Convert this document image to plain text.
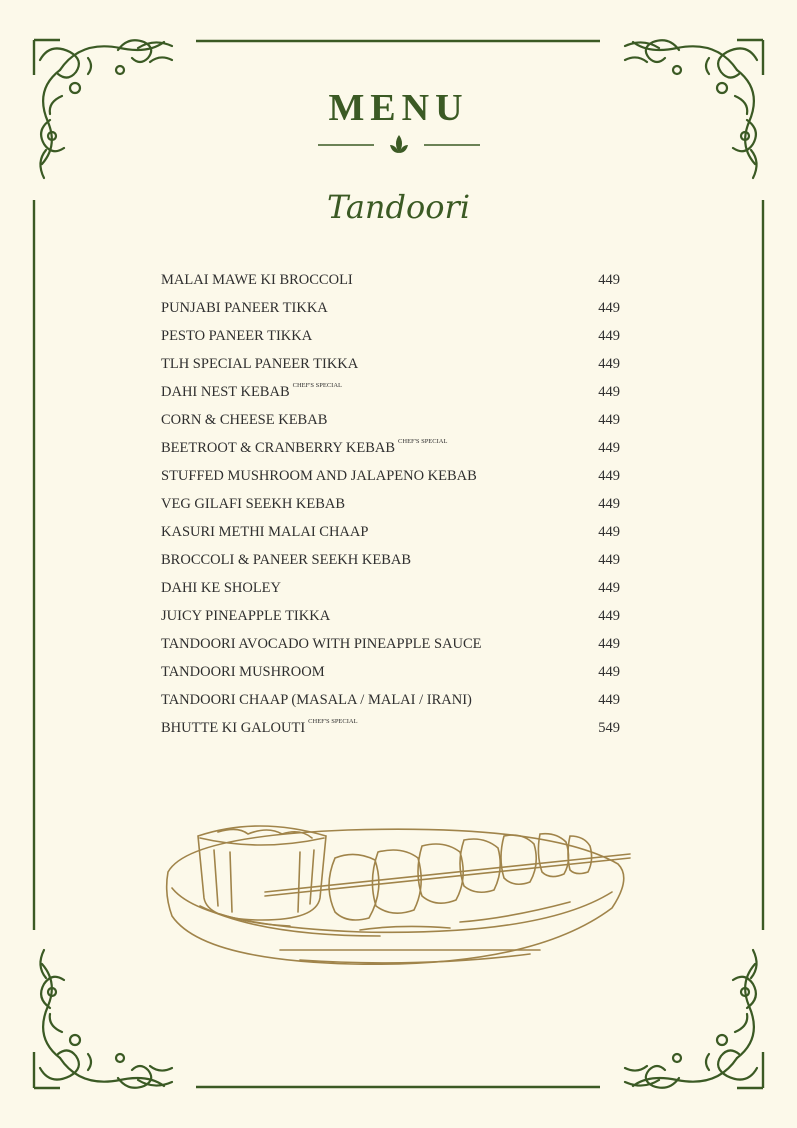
MENU
Tandoori
MALAI MAWE KI BROCCOLI	449
PUNJABI PANEER TIKKA	449
PESTO PANEER TIKKA	449
TLH SPECIAL PANEER TIKKA	449
DAHI NEST KEBAB $^{CHEF'S SPECIAL}$	449
CORN & CHEESE KEBAB	449
BEETROOT & CRANBERRY KEBAB $^{CHEF'S SPECIAL}$	449
STUFFED MUSHROOM AND JALAPENO KEBAB	449
VEG GILAFI SEEKH KEBAB	449
KASURI METHI MALAI CHAAP	449
BROCCOLI & PANEER SEEKH KEBAB	449
DAHI KE SHOLEY	449
JUICY PINEAPPLE TIKKA	449
TANDOORI AVOCADO WITH PINEAPPLE SAUCE	449
TANDOORI MUSHROOM	449
TANDOORI CHAAP (MASALA / MALAI / IRANI)	449
BHUTTE KI GALOUTI $^{CHEF'S SPECIAL}$	549
